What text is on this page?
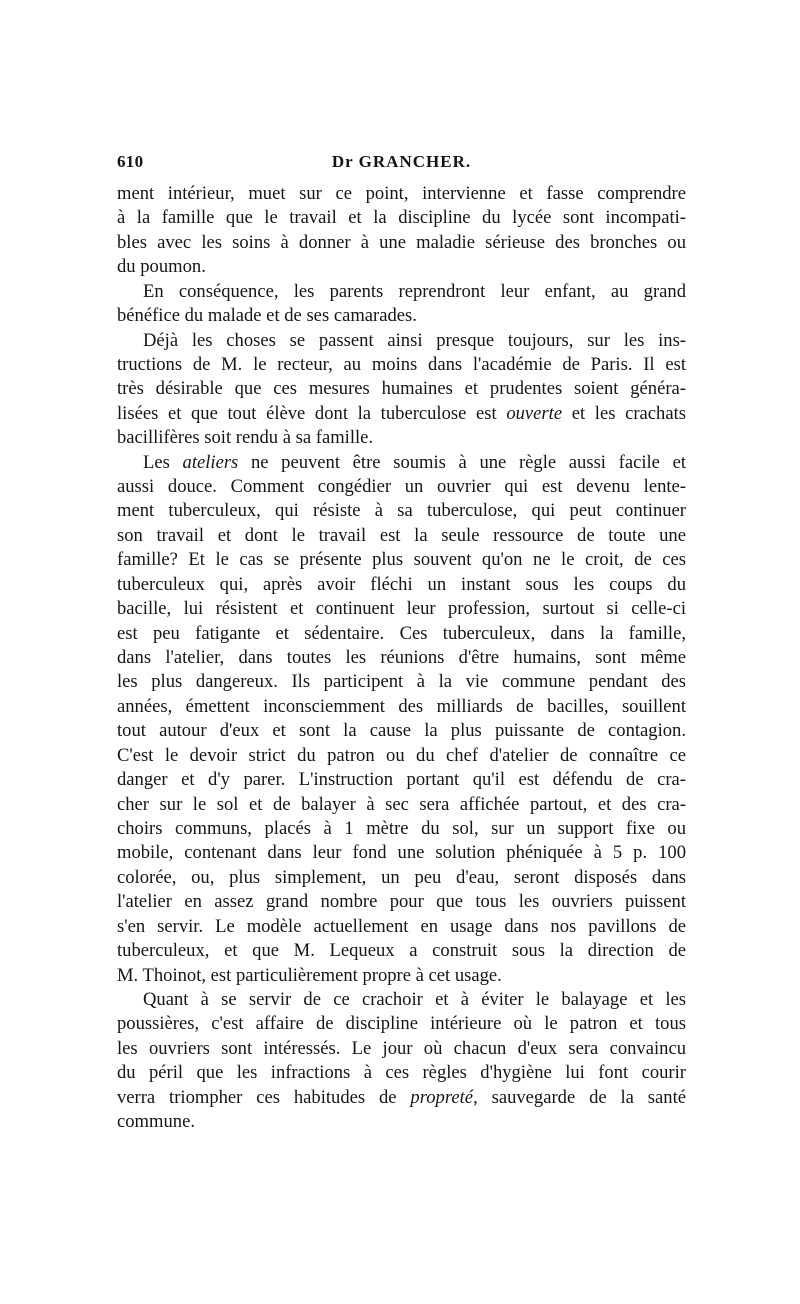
610	Dr GRANCHER.
ment intérieur, muet sur ce point, intervienne et fasse comprendre
à la famille que le travail et la discipline du lycée sont incompati-
bles avec les soins à donner à une maladie sérieuse des bronches ou
du poumon.
En conséquence, les parents reprendront leur enfant, au grand
bénéfice du malade et de ses camarades.
Déjà les choses se passent ainsi presque toujours, sur les ins-
tructions de M. le recteur, au moins dans l'académie de Paris. Il est
très désirable que ces mesures humaines et prudentes soient généra-
lisées et que tout élève dont la tuberculose est ouverte et les crachats
bacillifères soit rendu à sa famille.
Les ateliers ne peuvent être soumis à une règle aussi facile et
aussi douce. Comment congédier un ouvrier qui est devenu lente-
ment tuberculeux, qui résiste à sa tuberculose, qui peut continuer
son travail et dont le travail est la seule ressource de toute une
famille? Et le cas se présente plus souvent qu'on ne le croit, de ces
tuberculeux qui, après avoir fléchi un instant sous les coups du
bacille, lui résistent et continuent leur profession, surtout si celle-ci
est peu fatigante et sédentaire. Ces tuberculeux, dans la famille,
dans l'atelier, dans toutes les réunions d'être humains, sont même
les plus dangereux. Ils participent à la vie commune pendant des
années, émettent inconsciemment des milliards de bacilles, souillent
tout autour d'eux et sont la cause la plus puissante de contagion.
C'est le devoir strict du patron ou du chef d'atelier de connaître ce
danger et d'y parer. L'instruction portant qu'il est défendu de cra-
cher sur le sol et de balayer à sec sera affichée partout, et des cra-
choirs communs, placés à 1 mètre du sol, sur un support fixe ou
mobile, contenant dans leur fond une solution phéniquée à 5 p. 100
colorée, ou, plus simplement, un peu d'eau, seront disposés dans
l'atelier en assez grand nombre pour que tous les ouvriers puissent
s'en servir. Le modèle actuellement en usage dans nos pavillons de
tuberculeux, et que M. Lequeux a construit sous la direction de
M. Thoinot, est particulièrement propre à cet usage.
Quant à se servir de ce crachoir et à éviter le balayage et les
poussières, c'est affaire de discipline intérieure où le patron et tous
les ouvriers sont intéressés. Le jour où chacun d'eux sera convaincu
du péril que les infractions à ces règles d'hygiène lui font courir
verra triompher ces habitudes de propreté, sauvegarde de la santé
commune.
